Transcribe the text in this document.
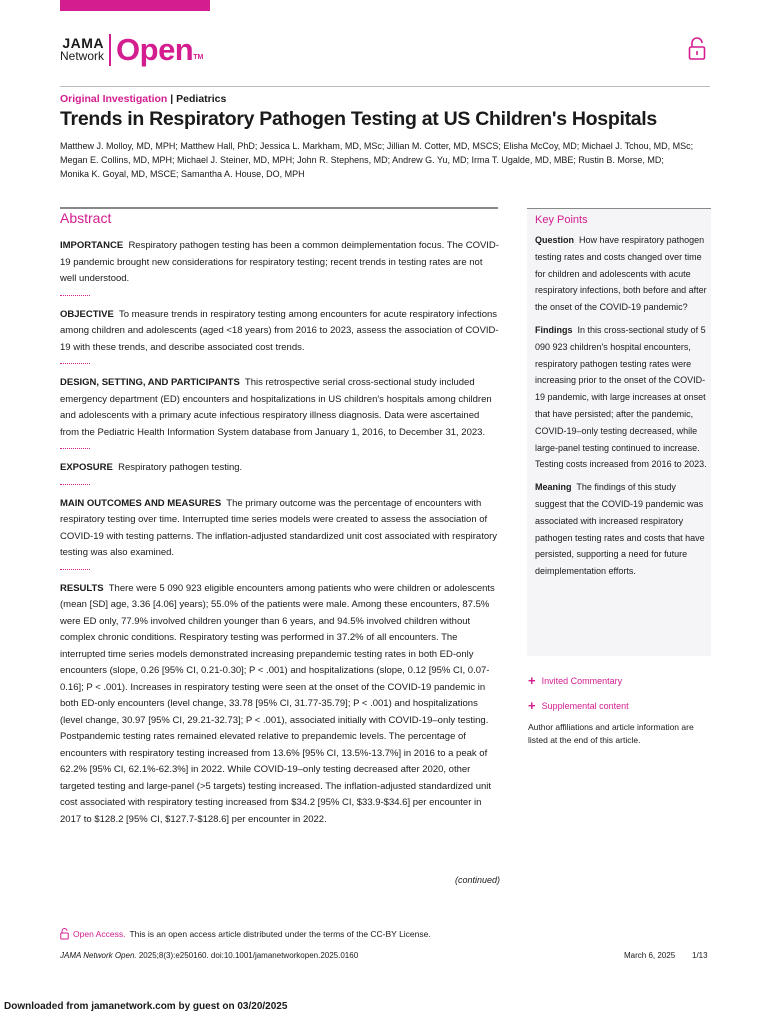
JAMA
Network Open TM
Original Investigation | Pediatrics
Trends in Respiratory Pathogen Testing at US Children's Hospitals
Matthew J. Molloy, MD, MPH; Matthew Hall, PhD; Jessica L. Markham, MD, MSc; Jillian M. Cotter, MD, MSCS; Elisha McCoy, MD; Michael J. Tchou, MD, MSc;
Megan E. Collins, MD, MPH; Michael J. Steiner, MD, MPH; John R. Stephens, MD; Andrew G. Yu, MD; Irma T. Ugalde, MD, MBE; Rustin B. Morse, MD;
Monika K. Goyal, MD, MSCE; Samantha A. House, DO, MPH
Abstract

IMPORTANCE Respiratory pathogen testing has been a common deimplementation focus. The COVID-19 pandemic brought new considerations for respiratory testing; recent trends in testing rates are not well understood.

OBJECTIVE To measure trends in respiratory testing among encounters for acute respiratory infections among children and adolescents (aged <18 years) from 2016 to 2023, assess the association of COVID-19 with these trends, and describe associated cost trends.

DESIGN, SETTING, AND PARTICIPANTS This retrospective serial cross-sectional study included emergency department (ED) encounters and hospitalizations in US children's hospitals among children and adolescents with a primary acute infectious respiratory illness diagnosis. Data were ascertained from the Pediatric Health Information System database from January 1, 2016, to December 31, 2023.

EXPOSURE Respiratory pathogen testing.

MAIN OUTCOMES AND MEASURES The primary outcome was the percentage of encounters with respiratory testing over time. Interrupted time series models were created to assess the association of COVID-19 with testing patterns. The inflation-adjusted standardized unit cost associated with respiratory testing was also examined.

RESULTS There were 5 090 923 eligible encounters among patients who were children or adolescents (mean [SD] age, 3.36 [4.06] years); 55.0% of the patients were male. Among these encounters, 87.5% were ED only, 77.9% involved children younger than 6 years, and 94.5% involved children without complex chronic conditions. Respiratory testing was performed in 37.2% of all encounters. The interrupted time series models demonstrated increasing prepandemic testing rates in both ED-only encounters (slope, 0.26 [95% CI, 0.21-0.30]; P < .001) and hospitalizations (slope, 0.12 [95% CI, 0.07-0.16]; P < .001). Increases in respiratory testing were seen at the onset of the COVID-19 pandemic in both ED-only encounters (level change, 33.78 [95% CI, 31.77-35.79]; P < .001) and hospitalizations (level change, 30.97 [95% CI, 29.21-32.73]; P < .001), associated initially with COVID-19–only testing. Postpandemic testing rates remained elevated relative to prepandemic levels. The percentage of encounters with respiratory testing increased from 13.6% [95% CI, 13.5%-13.7%] in 2016 to a peak of 62.2% [95% CI, 62.1%-62.3%] in 2022. While COVID-19–only testing decreased after 2020, other targeted testing and large-panel (>5 targets) testing increased. The inflation-adjusted standardized unit cost associated with respiratory testing increased from $34.2 [95% CI, $33.9-$34.6] per encounter in 2017 to $128.2 [95% CI, $127.7-$128.6] per encounter in 2022.

(continued)
Key Points

Question How have respiratory pathogen testing rates and costs changed over time for children and adolescents with acute respiratory infections, both before and after the onset of the COVID-19 pandemic?

Findings In this cross-sectional study of 5 090 923 children's hospital encounters, respiratory pathogen testing rates were increasing prior to the onset of the COVID-19 pandemic, with large increases at onset that have persisted; after the pandemic, COVID-19–only testing decreased, while large-panel testing continued to increase. Testing costs increased from 2016 to 2023.

Meaning The findings of this study suggest that the COVID-19 pandemic was associated with increased respiratory pathogen testing rates and costs that have persisted, supporting a need for future deimplementation efforts.

+ Invited Commentary
+ Supplemental content
Author affiliations and article information are listed at the end of this article.
Open Access. This is an open access article distributed under the terms of the CC-BY License.
JAMA Network Open. 2025;8(3):e250160. doi:10.1001/jamanetworkopen.2025.0160	March 6, 2025 1/13
Downloaded from jamanetwork.com by guest on 03/20/2025
